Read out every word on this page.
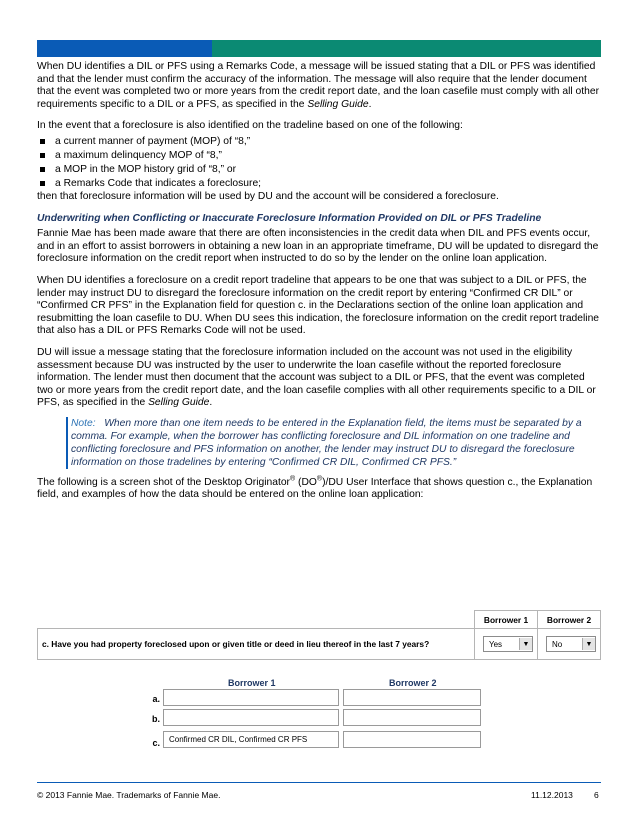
When DU identifies a DIL or PFS using a Remarks Code, a message will be issued stating that a DIL or PFS was identified and that the lender must confirm the accuracy of the information. The message will also require that the lender document that the event was completed two or more years from the credit report date, and the loan casefile must comply with all other requirements specific to a DIL or a PFS, as specified in the Selling Guide.

In the event that a foreclosure is also identified on the tradeline based on one of the following:
a current manner of payment (MOP) of “8,”
a maximum delinquency MOP of “8,”
a MOP in the MOP history grid of “8,” or
a Remarks Code that indicates a foreclosure;
then that foreclosure information will be used by DU and the account will be considered a foreclosure.
Underwriting when Conflicting or Inaccurate Foreclosure Information Provided on DIL or PFS Tradeline

Fannie Mae has been made aware that there are often inconsistencies in the credit data when DIL and PFS events occur, and in an effort to assist borrowers in obtaining a new loan in an appropriate timeframe, DU will be updated to disregard the foreclosure information on the credit report when instructed to do so by the lender on the online loan application.

When DU identifies a foreclosure on a credit report tradeline that appears to be one that was subject to a DIL or PFS, the lender may instruct DU to disregard the foreclosure information on the credit report by entering “Confirmed CR DIL” or “Confirmed CR PFS” in the Explanation field for question c. in the Declarations section of the online loan application and resubmitting the loan casefile to DU. When DU sees this indication, the foreclosure information on the credit report tradeline that also has a DIL or PFS Remarks Code will not be used.

DU will issue a message stating that the foreclosure information included on the account was not used in the eligibility assessment because DU was instructed by the user to underwrite the loan casefile without the reported foreclosure information. The lender must then document that the account was subject to a DIL or PFS, that the event was completed two or more years from the credit report date, and the loan casefile complies with all other requirements specific to a DIL or PFS, as specified in the Selling Guide.

Note: When more than one item needs to be entered in the Explanation field, the items must be separated by a comma. For example, when the borrower has conflicting foreclosure and DIL information on one tradeline and conflicting foreclosure and PFS information on another, the lender may instruct DU to disregard the foreclosure information on those tradelines by entering “Confirmed CR DIL, Confirmed CR PFS.”

The following is a screen shot of the Desktop Originator® (DO®)/DU User Interface that shows question c., the Explanation field, and examples of how the data should be entered on the online loan application:

	Borrower 1	Borrower 2
c. Have you had property foreclosed upon or given title or deed in lieu thereof in the last 7 years?	Yes ▼	No ▼
Borrower 1	Borrower 2
a.
b.
c.	Confirmed CR DIL, Confirmed CR PFS
© 2013 Fannie Mae. Trademarks of Fannie Mae.	11.12.2013 6
